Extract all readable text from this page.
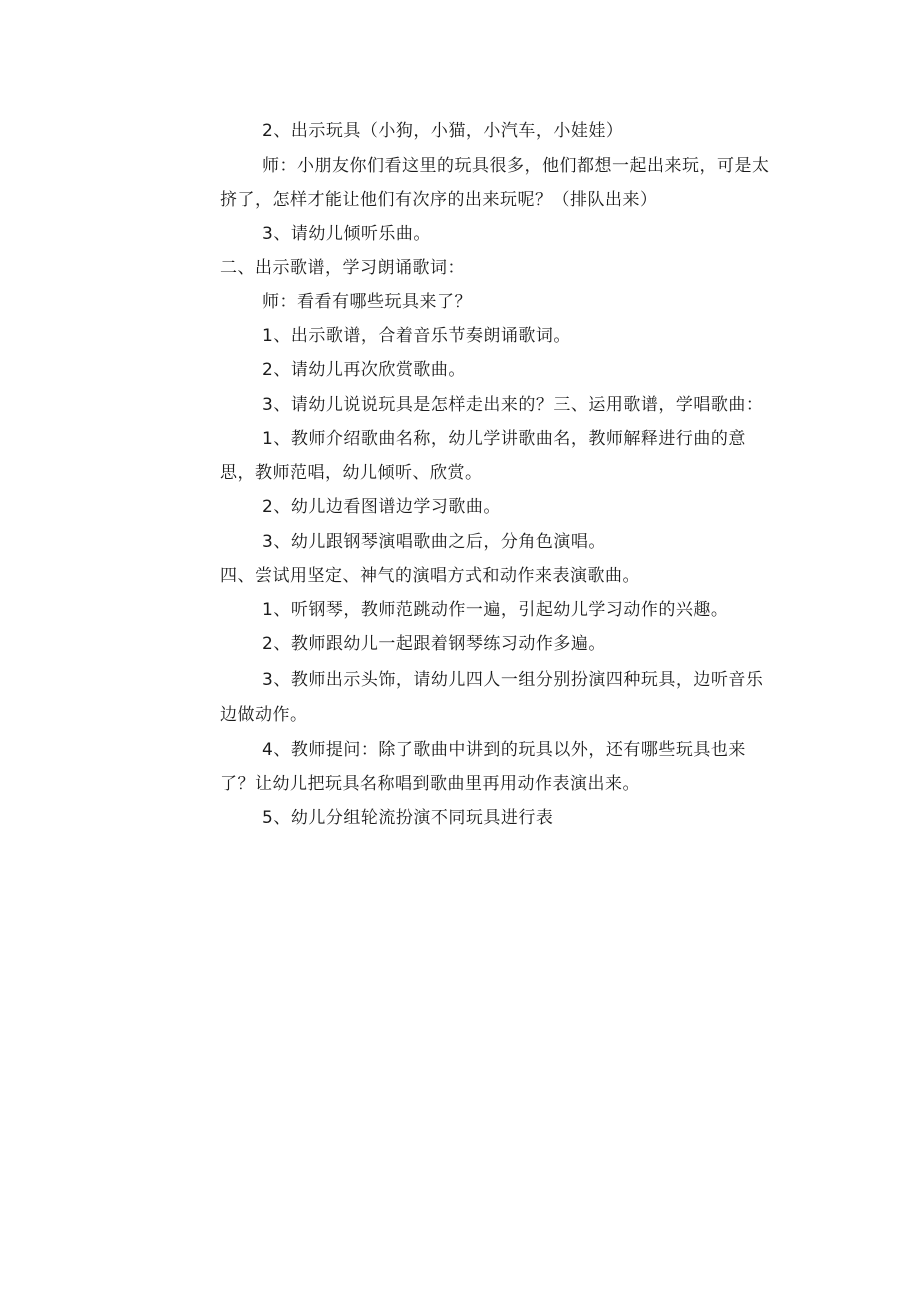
2、出示玩具（小狗，小猫，小汽车，小娃娃）
师：小朋友你们看这里的玩具很多，他们都想一起出来玩，可是太
挤了，怎样才能让他们有次序的出来玩呢？（排队出来）
3、请幼儿倾听乐曲。
二、出示歌谱，学习朗诵歌词：
师：看看有哪些玩具来了？
1、出示歌谱，合着音乐节奏朗诵歌词。
2、请幼儿再次欣赏歌曲。
3、请幼儿说说玩具是怎样走出来的？三、运用歌谱，学唱歌曲：
1、教师介绍歌曲名称，幼儿学讲歌曲名，教师解释进行曲的意
思，教师范唱，幼儿倾听、欣赏。
2、幼儿边看图谱边学习歌曲。
3、幼儿跟钢琴演唱歌曲之后，分角色演唱。
四、尝试用坚定、神气的演唱方式和动作来表演歌曲。
1、听钢琴，教师范跳动作一遍，引起幼儿学习动作的兴趣。
2、教师跟幼儿一起跟着钢琴练习动作多遍。
3、教师出示头饰，请幼儿四人一组分别扮演四种玩具，边听音乐
边做动作。
4、教师提问：除了歌曲中讲到的玩具以外，还有哪些玩具也来
了？让幼儿把玩具名称唱到歌曲里再用动作表演出来。
5、幼儿分组轮流扮演不同玩具进行表
